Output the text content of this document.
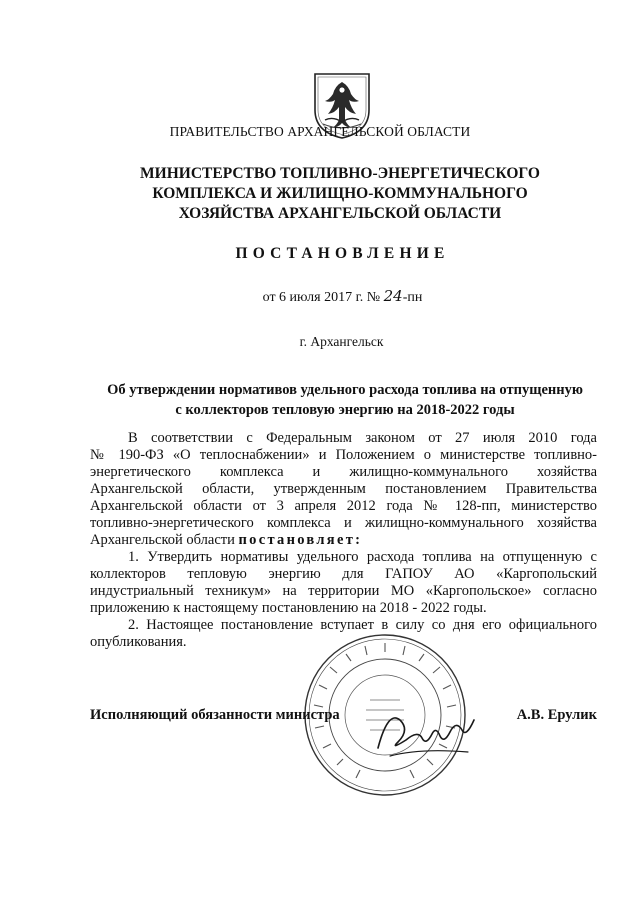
ПРАВИТЕЛЬСТВО АРХАНГЕЛЬСКОЙ ОБЛАСТИ
МИНИСТЕРСТВО ТОПЛИВНО-ЭНЕРГЕТИЧЕСКОГО
КОМПЛЕКСА И ЖИЛИЩНО-КОММУНАЛЬНОГО
ХОЗЯЙСТВА АРХАНГЕЛЬСКОЙ ОБЛАСТИ
ПОСТАНОВЛЕНИЕ
от 6 июля 2017 г. № 24-пн
г. Архангельск
Об утверждении нормативов удельного расхода топлива на отпущенную
с коллекторов тепловую энергию на 2018-2022 годы
В соответствии с Федеральным законом от 27 июля 2010 года
№ 190-ФЗ «О теплоснабжении» и Положением о министерстве топливно-
энергетического комплекса и жилищно-коммунального хозяйства
Архангельской области, утвержденным постановлением Правительства
Архангельской области от 3 апреля 2012 года № 128-пп, министерство
топливно-энергетического комплекса и жилищно-коммунального хозяйства
Архангельской области постановляет:
1. Утвердить нормативы удельного расхода топлива на отпущенную с
коллекторов тепловую энергию для ГАПОУ АО «Каргопольский
индустриальный техникум» на территории МО «Каргопольское» согласно
приложению к настоящему постановлению на 2018 - 2022 годы.
2. Настоящее постановление вступает в силу со дня его официального
опубликования.
Исполняющий обязанности министра	А.В. Ерулик
